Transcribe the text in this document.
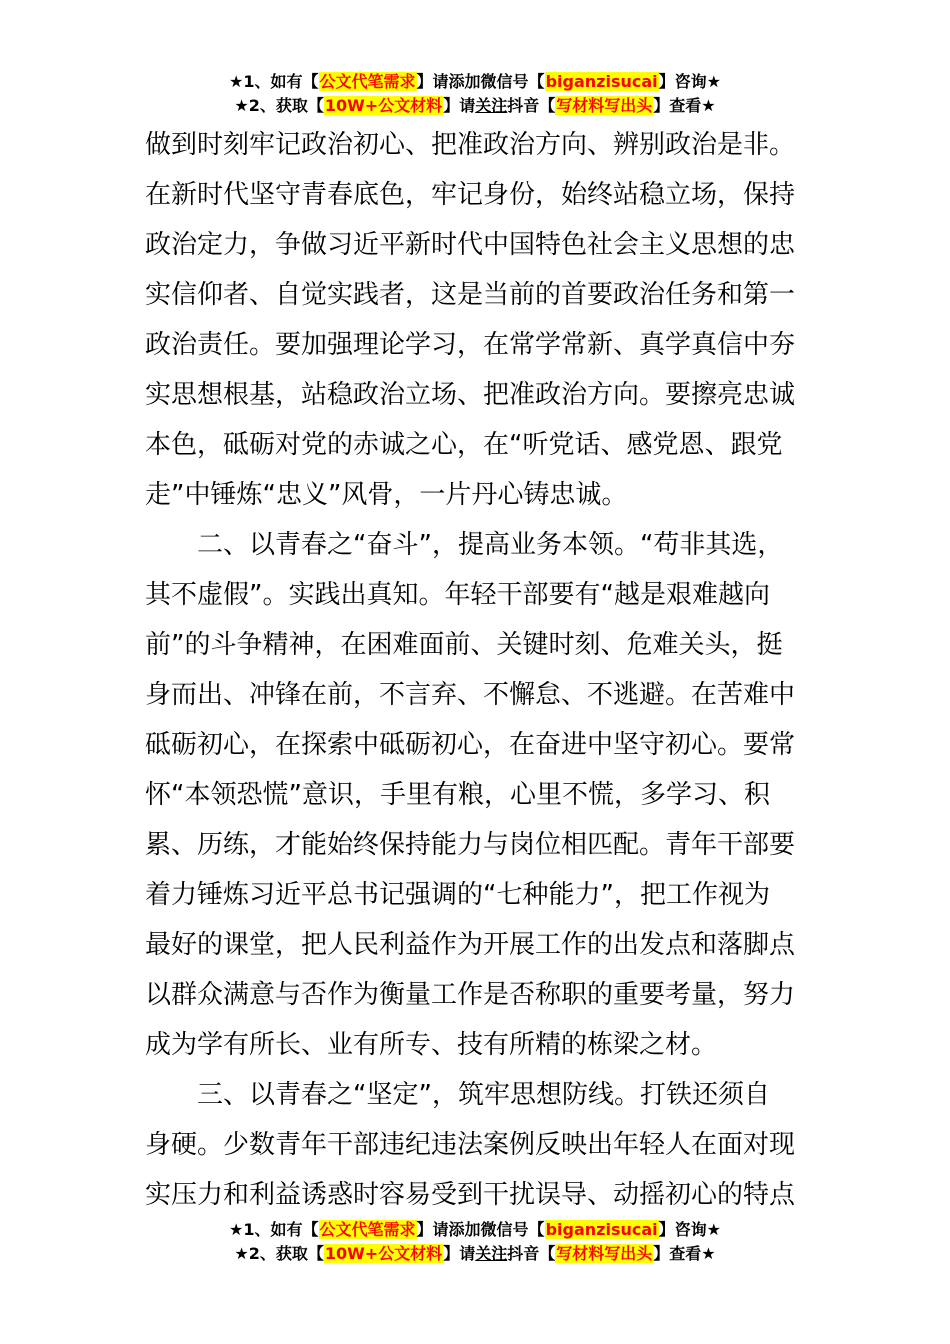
★1、如有【公文代笔需求】请添加微信号【biganzisucai】咨询★
★2、获取【10W+公文材料】请关注抖音【写材料写出头】查看★

做到时刻牢记政治初心、把准政治方向、辨别政治是非。

在新时代坚守青春底色，牢记身份，始终站稳立场，保持

政治定力，争做习近平新时代中国特色社会主义思想的忠

实信仰者、自觉实践者，这是当前的首要政治任务和第一

政治责任。要加强理论学习，在常学常新、真学真信中夯

实思想根基，站稳政治立场、把准政治方向。要擦亮忠诚

本色，砥砺对党的赤诚之心，在“听党话、感党恩、跟党

走”中锤炼“忠义”风骨，一片丹心铸忠诚。

二、以青春之“奋斗”，提高业务本领。“苟非其选，

其不虚假”。实践出真知。年轻干部要有“越是艰难越向

前”的斗争精神，在困难面前、关键时刻、危难关头，挺

身而出、冲锋在前，不言弃、不懈怠、不逃避。在苦难中

砥砺初心，在探索中砥砺初心，在奋进中坚守初心。要常

怀“本领恐慌”意识，手里有粮，心里不慌，多学习、积

累、历练，才能始终保持能力与岗位相匹配。青年干部要

着力锤炼习近平总书记强调的“七种能力”，把工作视为

最好的课堂，把人民利益作为开展工作的出发点和落脚点

以群众满意与否作为衡量工作是否称职的重要考量，努力

成为学有所长、业有所专、技有所精的栋梁之材。

三、以青春之“坚定”，筑牢思想防线。打铁还须自

身硬。少数青年干部违纪违法案例反映出年轻人在面对现

实压力和利益诱惑时容易受到干扰误导、动摇初心的特点

★1、如有【公文代笔需求】请添加微信号【biganzisucai】咨询★
★2、获取【10W+公文材料】请关注抖音【写材料写出头】查看★
